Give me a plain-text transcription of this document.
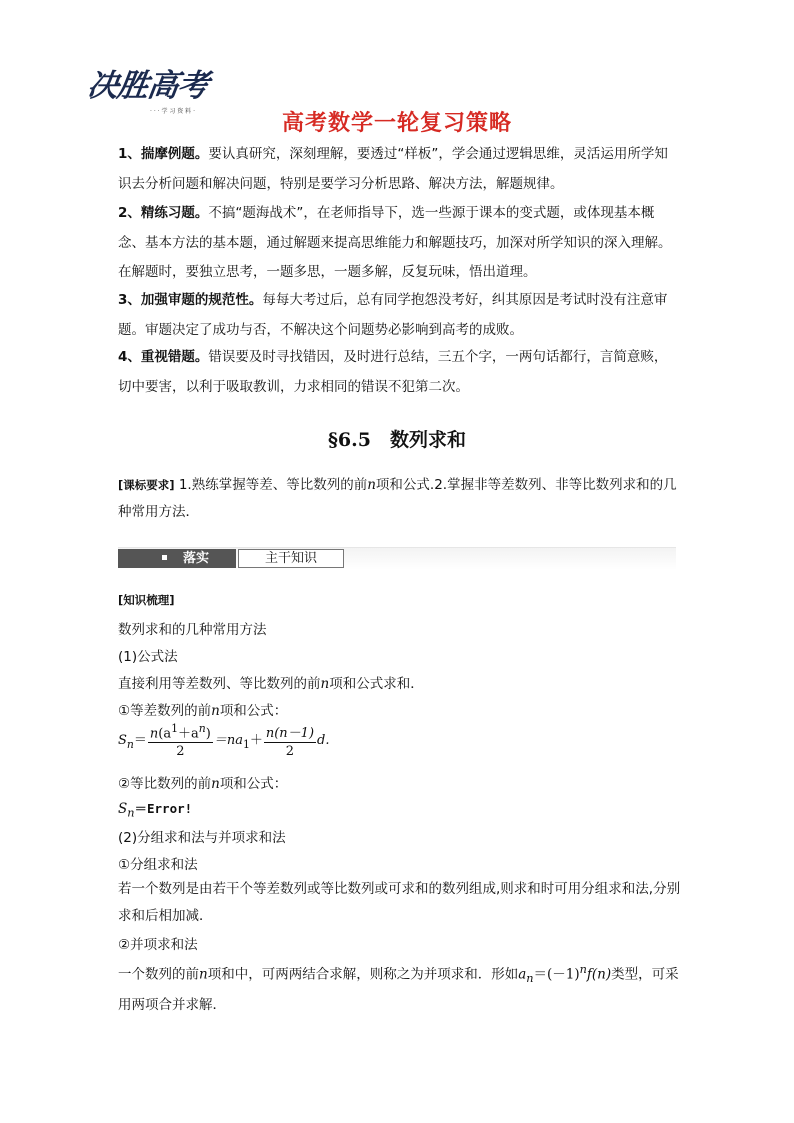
决胜高考
· · · 学 习 资 料 ·	高考数学一轮复习策略
1、揣摩例题。要认真研究，深刻理解，要透过“样板”，学会通过逻辑思维，灵活运用所学知识去分析问题和解决问题，特别是要学习分析思路、解决方法，解题规律。
2、精练习题。不搞“题海战术”，在老师指导下，选一些源于课本的变式题，或体现基本概念、基本方法的基本题，通过解题来提高思维能力和解题技巧，加深对所学知识的深入理解。在解题时，要独立思考，一题多思，一题多解，反复玩味，悟出道理。
3、加强审题的规范性。每每大考过后，总有同学抱怨没考好，纠其原因是考试时没有注意审题。审题决定了成功与否，不解决这个问题势必影响到高考的成败。
4、重视错题。错误要及时寻找错因，及时进行总结，三五个字，一两句话都行，言简意赅，切中要害，以利于吸取教训，力求相同的错误不犯第二次。
§6.5　数列求和
[课标要求] 1.熟练掌握等差、等比数列的前n项和公式.2.掌握非等差数列、非等比数列求和的几种常用方法．
落实	主干知识
[知识梳理]
数列求和的几种常用方法
(1)公式法
直接利用等差数列、等比数列的前n项和公式求和．
①等差数列的前n项和公式：
$S_n= \frac{n(a^1+a^n)}{2} =na_1+ \frac{n(n-1)}{2} d$.
②等比数列的前n项和公式：
$S_n=Error$!
(2)分组求和法与并项求和法
①分组求和法
若一个数列是由若干个等差数列或等比数列或可求和的数列组成,则求和时可用分组求和法,分别求和后相加减．
②并项求和法
一个数列的前n项和中，可两两结合求解，则称之为并项求和．形如$a_n=(-1)^nf(n)$类型，可采用两项合并求解．
